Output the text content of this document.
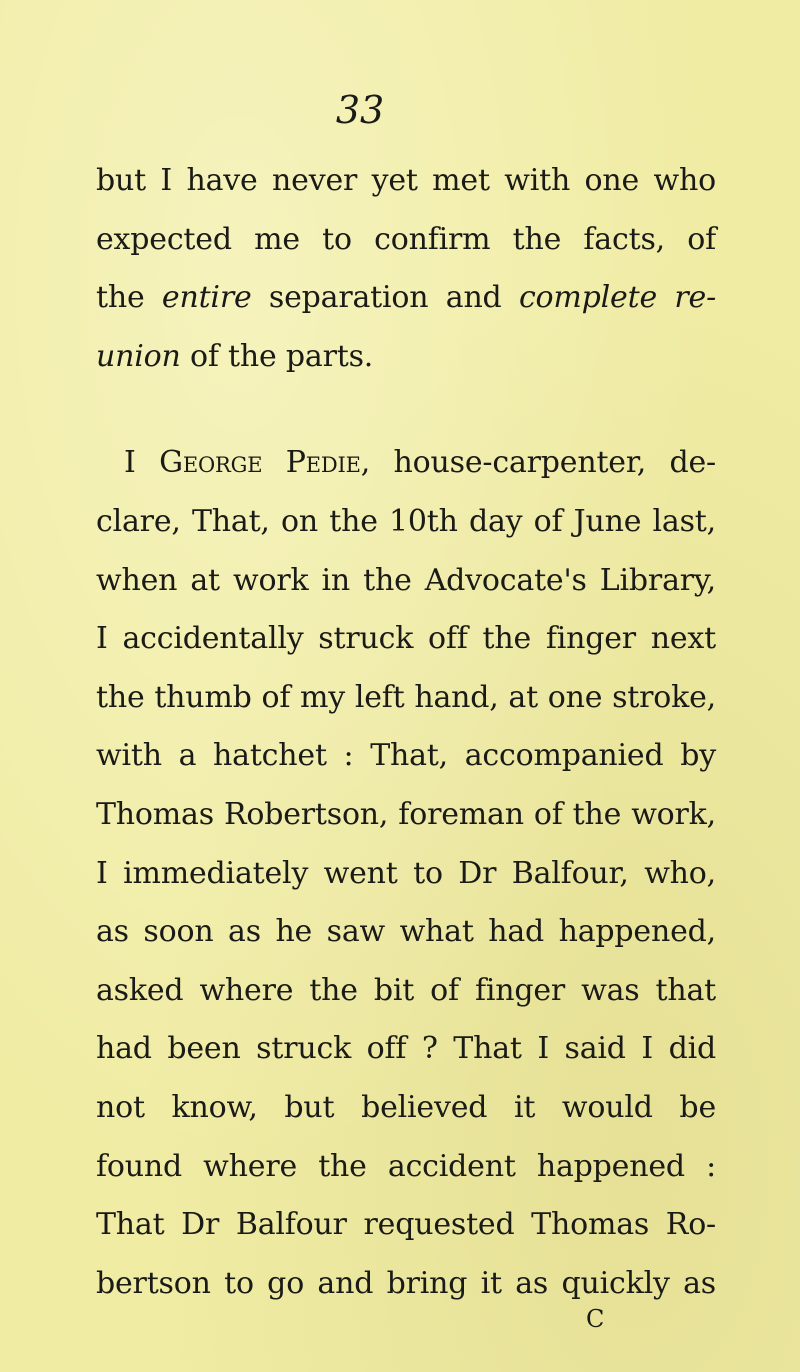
33
but I have never yet met with one who
expected me to confirm the facts, of
the entire separation and complete re-
union of the parts.
I George Pedie, house-carpenter, de-
clare, That, on the 10th day of June last,
when at work in the Advocate's Library,
I accidentally struck off the finger next
the thumb of my left hand, at one stroke,
with a hatchet : That, accompanied by
Thomas Robertson, foreman of the work,
I immediately went to Dr Balfour, who,
as soon as he saw what had happened,
asked where the bit of finger was that
had been struck off ? That I said I did
not know, but believed it would be
found where the accident happened :
That Dr Balfour requested Thomas Ro-
bertson to go and bring it as quickly as
C
